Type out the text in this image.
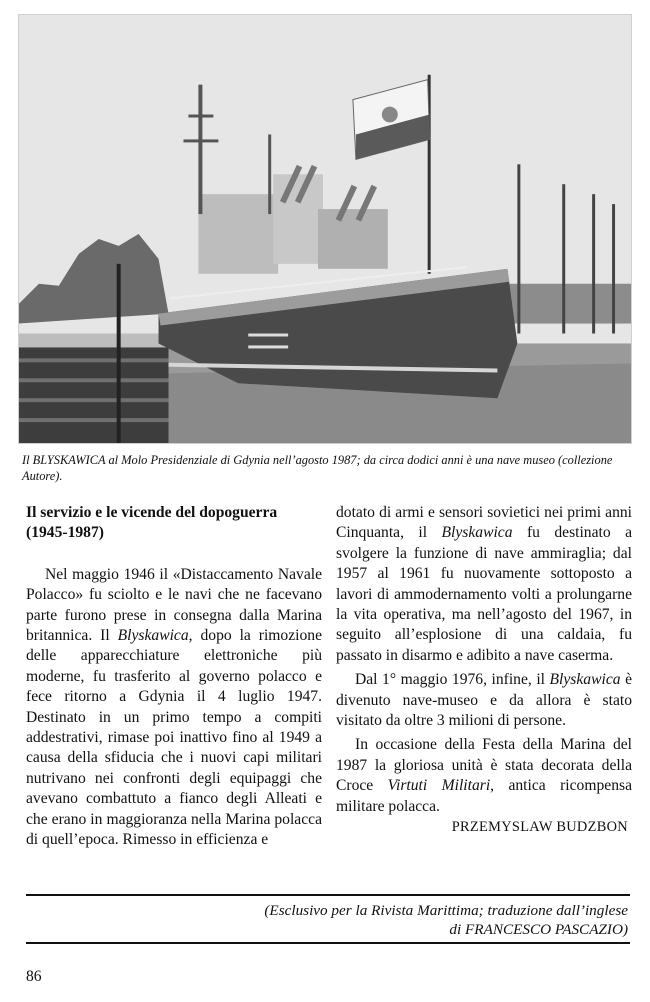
Il BLYSKAWICA al Molo Presidenziale di Gdynia nell’agosto 1987; da circa dodici anni è una nave museo (collezione Autore).
Il servizio e le vicende del dopoguerra (1945-1987)

Nel maggio 1946 il «Distaccamento Navale Polacco» fu sciolto e le navi che ne facevano parte furono prese in consegna dalla Marina britannica. Il Blyskawica, dopo la rimozione delle apparecchiature elettroniche più moderne, fu trasferito al governo polacco e fece ritorno a Gdynia il 4 luglio 1947. Destinato in un primo tempo a compiti addestrativi, rimase poi inattivo fino al 1949 a causa della sfiducia che i nuovi capi militari nutrivano nei confronti degli equipaggi che avevano combattuto a fianco degli Alleati e che erano in maggioranza nella Marina polacca di quell’epoca. Rimesso in efficienza e

dotato di armi e sensori sovietici nei primi anni Cinquanta, il Blyskawica fu destinato a svolgere la funzione di nave ammiraglia; dal 1957 al 1961 fu nuovamente sottoposto a lavori di ammodernamento volti a prolungarne la vita operativa, ma nell’agosto del 1967, in seguito all’esplosione di una caldaia, fu passato in disarmo e adibito a nave caserma.

Dal 1° maggio 1976, infine, il Blyskawica è divenuto nave-museo e da allora è stato visitato da oltre 3 milioni di persone.

In occasione della Festa della Marina del 1987 la gloriosa unità è stata decorata della Croce Virtuti Militari, antica ricompensa militare polacca.

PRZEMYSLAW BUDZBON
(Esclusivo per la Rivista Marittima; traduzione dall’inglese
di FRANCESCO PASCAZIO)
86
